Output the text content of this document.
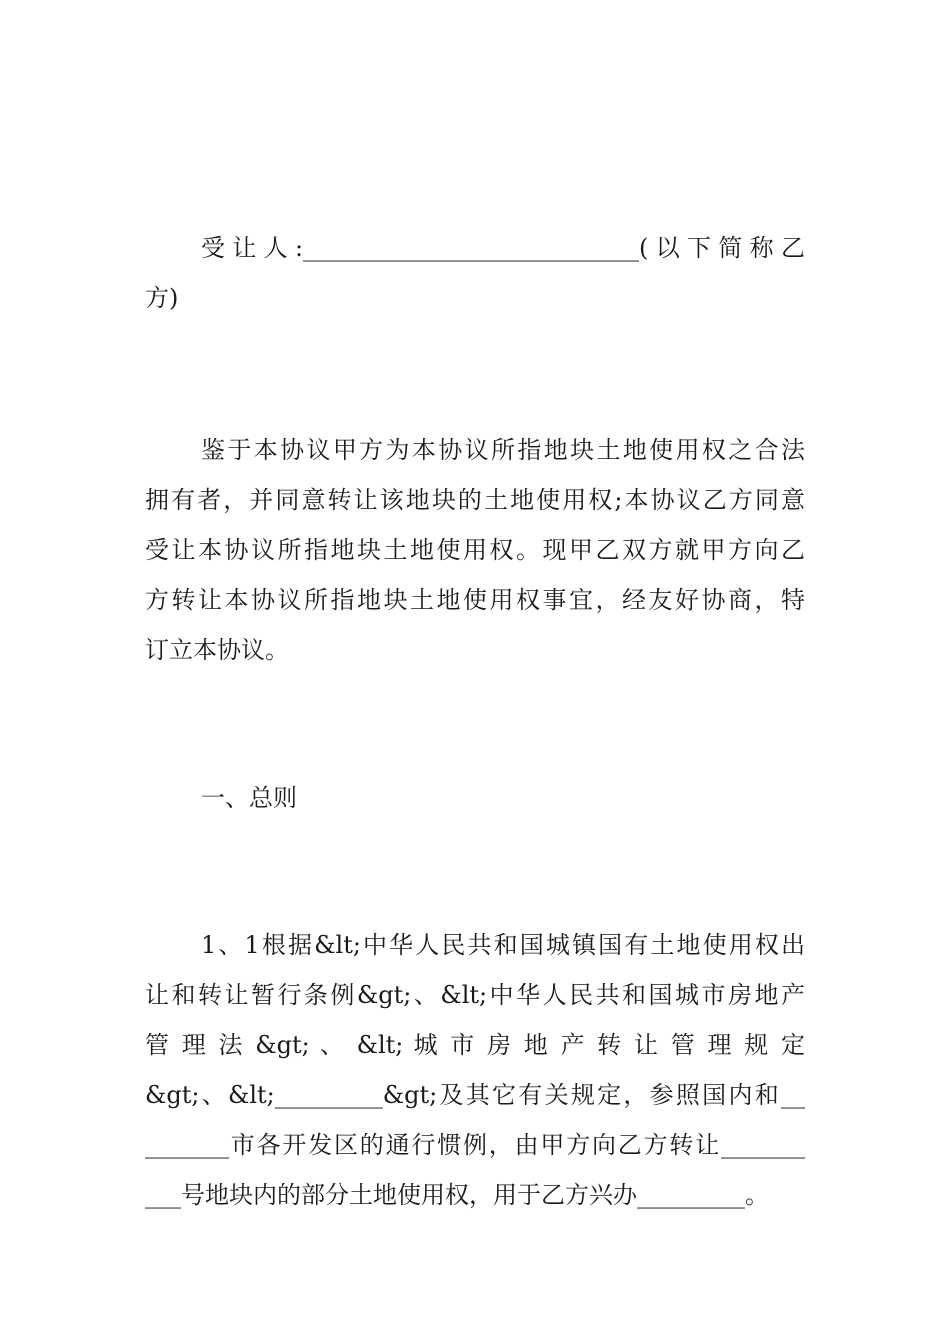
受让人:____________________________(以下简称乙
方)
鉴于本协议甲方为本协议所指地块土地使用权之合法
拥有者，并同意转让该地块的土地使用权;本协议乙方同意
受让本协议所指地块土地使用权。现甲乙双方就甲方向乙
方转让本协议所指地块土地使用权事宜，经友好协商，特
订立本协议。
一、总则
1、1根据&lt;中华人民共和国城镇国有土地使用权出
让和转让暂行条例&gt;、&lt;中华人民共和国城市房地产
管 理 法 &gt; 、 &lt; 城 市 房 地 产 转 让 管 理 规 定
&gt;、&lt;_________&gt;及其它有关规定，参照国内和__
_______市各开发区的通行惯例，由甲方向乙方转让_______
___号地块内的部分土地使用权，用于乙方兴办_________。
